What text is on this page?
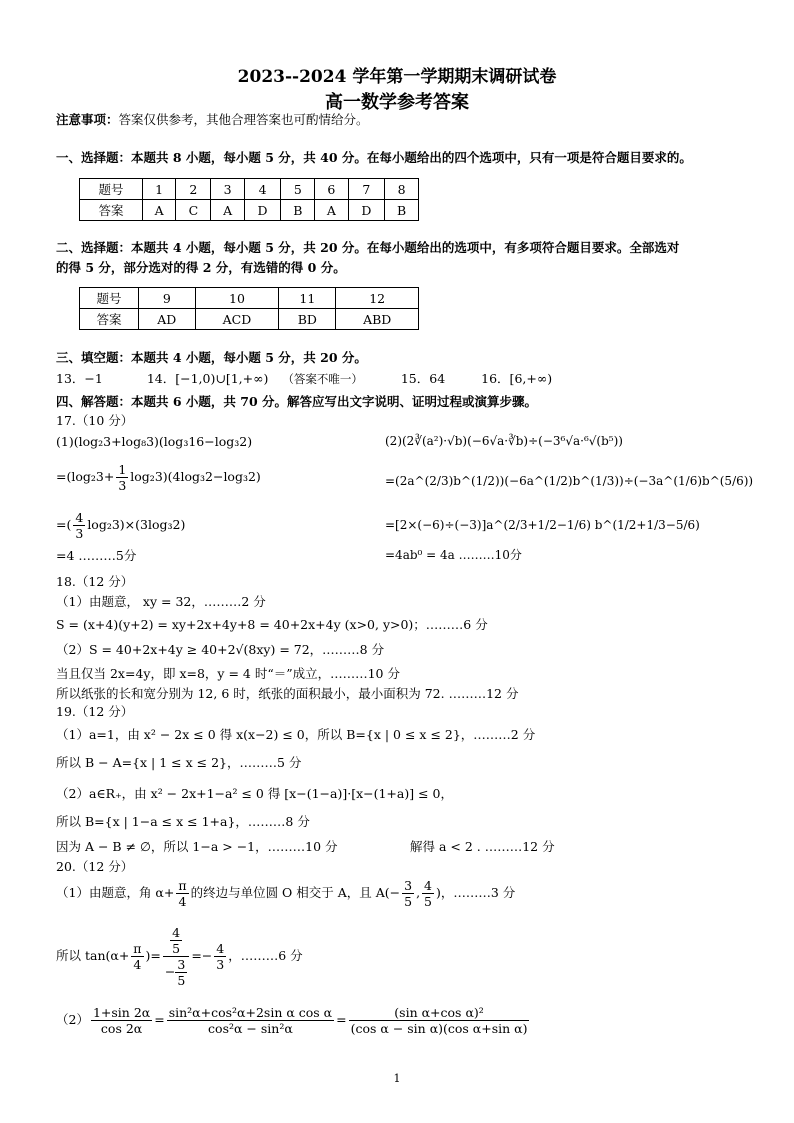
2023--2024 学年第一学期期末调研试卷
高一数学参考答案
注意事项：答案仅供参考，其他合理答案也可酌情给分。
一、选择题：本题共 8 小题，每小题 5 分，共 40 分。在每小题给出的四个选项中，只有一项是符合题目要求的。
题号	1	2	3	4	5	6	7	8
答案	A	C	A	D	B	A	D	B
二、选择题：本题共 4 小题，每小题 5 分，共 20 分。在每小题给出的选项中，有多项符合题目要求。全部选对
的得 5 分，部分选对的得 2 分，有选错的得 0 分。
题号	9	10	11	12
答案	AD	ACD	BD	ABD
三、填空题：本题共 4 小题，每小题 5 分，共 20 分。
13．−1	14．[−1,0)∪[1,+∞) （答案不唯一）	15．64	16．[6,+∞)
四、解答题：本题共 6 小题，共 70 分。解答应写出文字说明、证明过程或演算步骤。
17.（10 分）
(1)(log₂3+log₈3)(log₃16−log₃2)
$=(\log_23+ \frac{1}{3} \log_23)(4\log_32-\log_32)$
=( $\frac{4}{3} \log_23)\times(3\log_32)$
=4 ………5分
(2)(2∛(a²)·√b)(−6√a·∛b)÷(−3⁶√a·⁶√(b⁵))
=(2a^(2/3)b^(1/2))(−6a^(1/2)b^(1/3))÷(−3a^(1/6)b^(5/6))
=[2×(−6)÷(−3)]a^(2/3+1/2−1/6) b^(1/2+1/3−5/6)
=4ab⁰ = 4a ………10分
18.（12 分）
（1）由题意， xy = 32，………2 分
S = (x+4)(y+2) = xy+2x+4y+8 = 40+2x+4y (x>0, y>0)；………6 分
（2）S = 40+2x+4y ≥ 40+2√(8xy) = 72，………8 分
当且仅当 2x=4y，即 x=8，y = 4 时“＝”成立，………10 分
所以纸张的长和宽分别为 12, 6 时，纸张的面积最小，最小面积为 72. ………12 分
19.（12 分）
（1）a=1，由 x² − 2x ≤ 0 得 x(x−2) ≤ 0，所以 B={x | 0 ≤ x ≤ 2}，………2 分
所以 B − A={x | 1 ≤ x ≤ 2}，………5 分
（2）a∈R₊，由 x² − 2x+1−a² ≤ 0 得 [x−(1−a)]·[x−(1+a)] ≤ 0，
所以 B={x | 1−a ≤ x ≤ 1+a}，………8 分
因为 A − B ≠ ∅，所以 1−a > −1，………10 分	解得 a < 2 . ………12 分
20.（12 分）
（1）由题意，角 $\alpha+ \frac{\pi}{4}$ 的终边与单位圆 O 相交于 A，且 $A(- \frac{3}{5}$ , $\frac{4}{5}$ )，………3 分
所以 $\tan(\alpha+ \frac{\pi}{4}$ )= $\frac{\frac{4}{5}}{- \frac{3}{5}} =- \frac{4}{3}$ ，………6 分
$(2) \frac{1+\sin 2\alpha}{\cos 2\alpha} = \frac{\text{sin²α+cos²α+2sin α cos α}}{\text{cos²α − sin²α}} = \frac{\text{(sin α+cos α)²}}{\text{(cos α − sin α)(cos α+sin α)}}$
1
